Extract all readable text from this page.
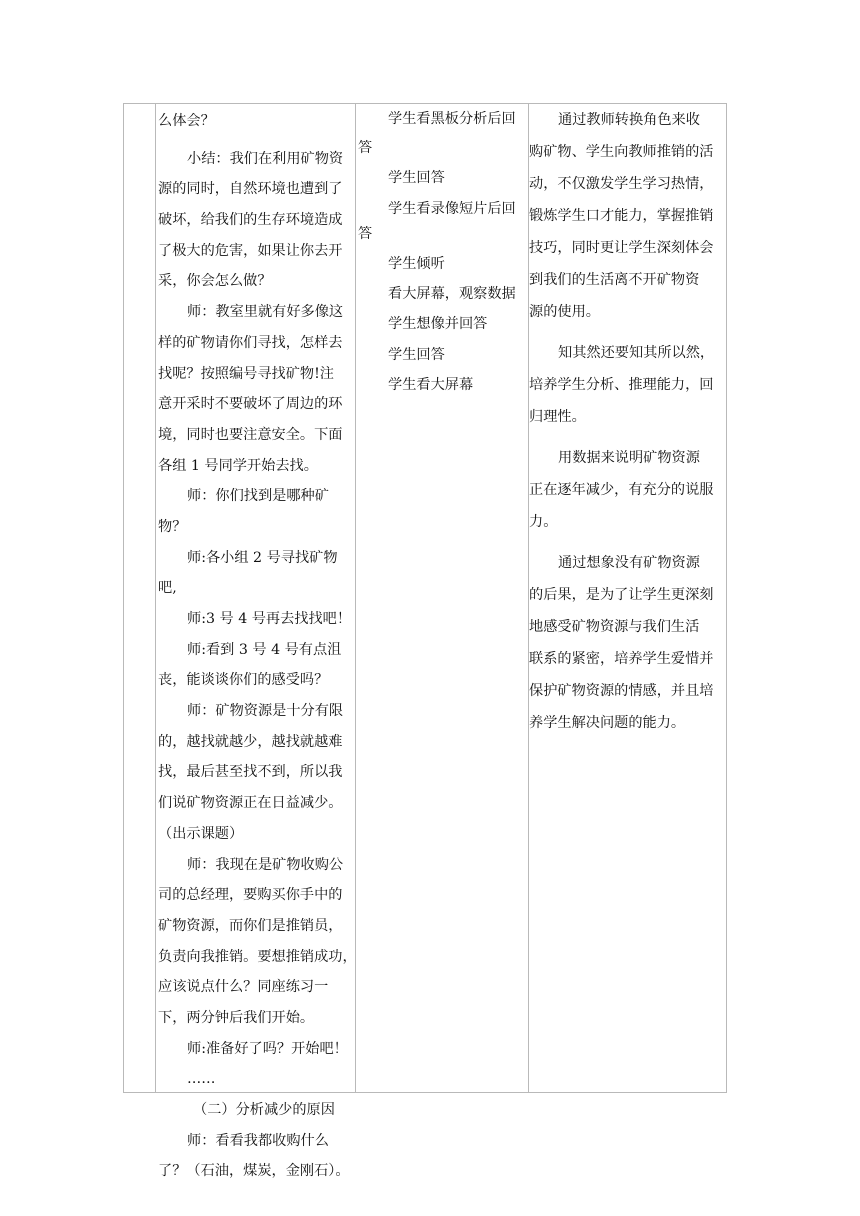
么体会？

小结：我们在利用矿物资

源的同时，自然环境也遭到了

破坏，给我们的生存环境造成

了极大的危害，如果让你去开

采，你会怎么做？

师：教室里就有好多像这

样的矿物请你们寻找，怎样去

找呢？按照编号寻找矿物!注

意开采时不要破坏了周边的环

境，同时也要注意安全。下面

各组 1 号同学开始去找。

师：你们找到是哪种矿

物？

师:各小组 2 号寻找矿物

吧,

师:3 号 4 号再去找找吧！

师:看到 3 号 4 号有点沮

丧，能谈谈你们的感受吗？

师：矿物资源是十分有限

的，越找就越少，越找就越难

找，最后甚至找不到，所以我

们说矿物资源正在日益减少。

（出示课题）

师：我现在是矿物收购公

司的总经理，要购买你手中的

矿物资源，而你们是推销员，

负责向我推销。要想推销成功，

应该说点什么？同座练习一

下，两分钟后我们开始。

师:准备好了吗？开始吧！

……

（二）分析减少的原因

师：看看我都收购什么

了？（石油，煤炭，金刚石）。

学生看黑板分析后回

答

学生回答

学生看录像短片后回

答

学生倾听

看大屏幕，观察数据

学生想像并回答

学生回答

学生看大屏幕

通过教师转换角色来收

购矿物、学生向教师推销的活

动，不仅激发学生学习热情，

锻炼学生口才能力，掌握推销

技巧，同时更让学生深刻体会

到我们的生活离不开矿物资

源的使用。

知其然还要知其所以然，

培养学生分析、推理能力，回

归理性。

用数据来说明矿物资源

正在逐年减少，有充分的说服

力。

通过想象没有矿物资源

的后果，是为了让学生更深刻

地感受矿物资源与我们生活

联系的紧密，培养学生爱惜并

保护矿物资源的情感，并且培

养学生解决问题的能力。
